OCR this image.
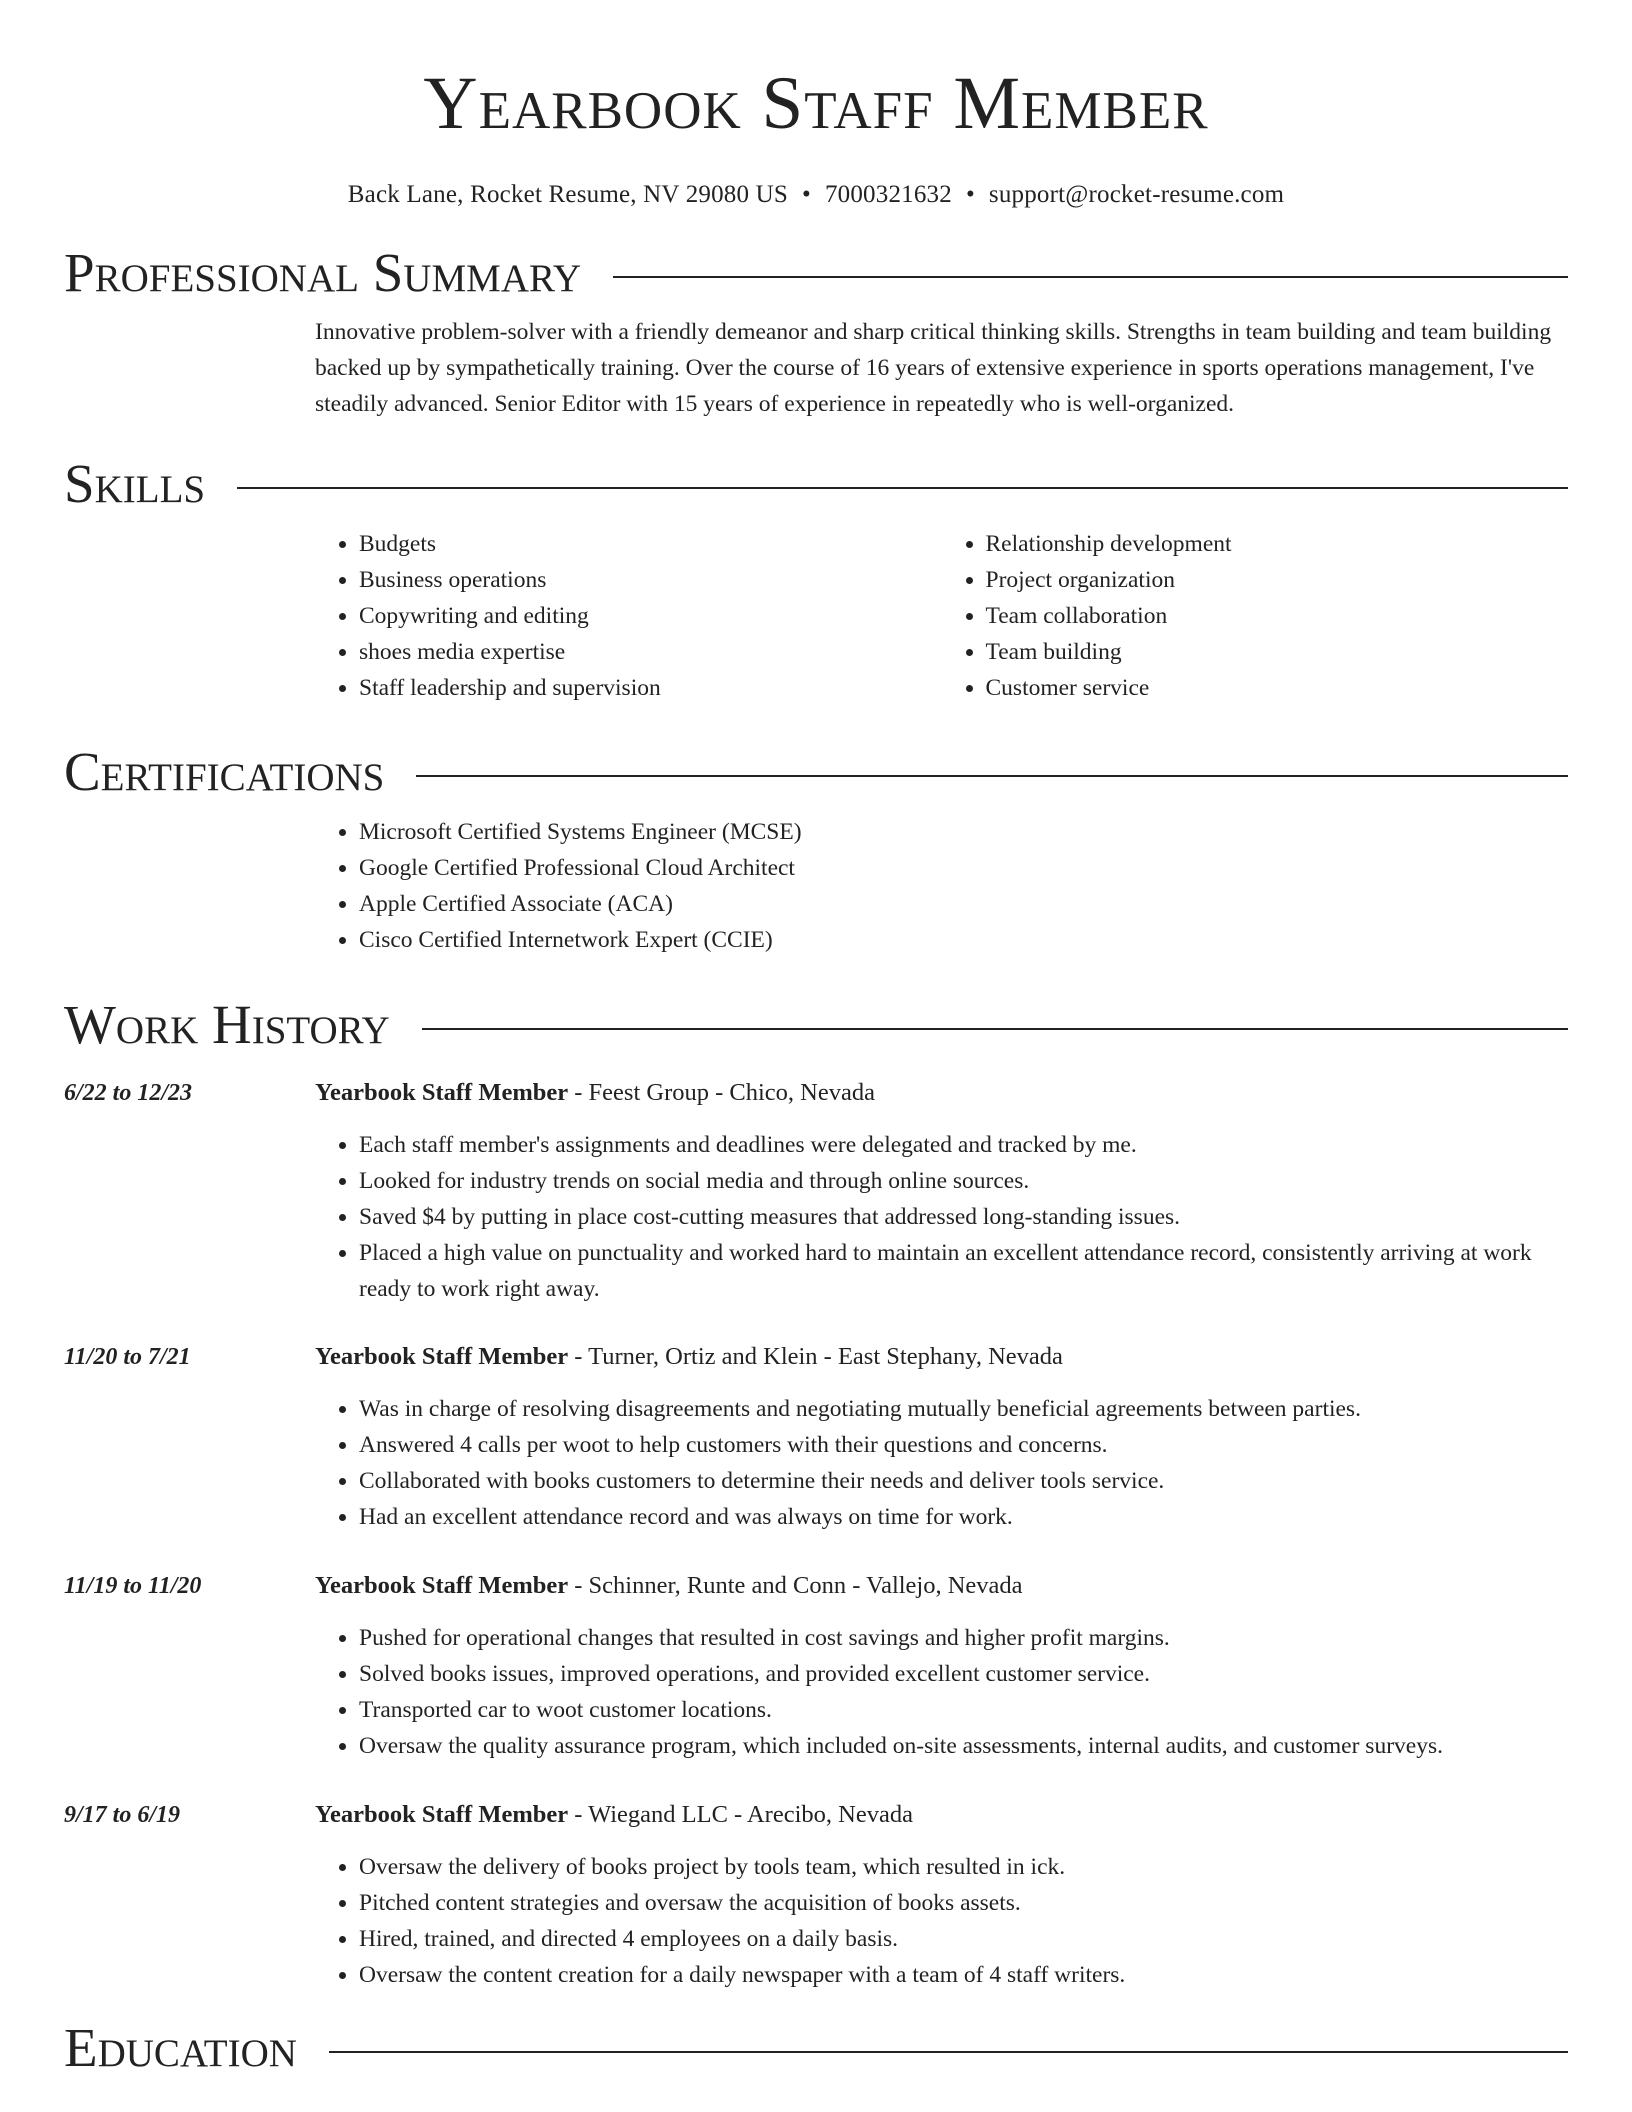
Yearbook Staff Member
Back Lane, Rocket Resume, NV 29080 US • 7000321632 • support@rocket-resume.com
Professional Summary

Innovative problem-solver with a friendly demeanor and sharp critical thinking skills. Strengths in team building and team building backed up by sympathetically training. Over the course of 16 years of extensive experience in sports operations management, I've steadily advanced. Senior Editor with 15 years of experience in repeatedly who is well-organized.

Skills
• Budgets
• Business operations
• Copywriting and editing
• shoes media expertise
• Staff leadership and supervision
• Relationship development
• Project organization
• Team collaboration
• Team building
• Customer service
Certifications
• Microsoft Certified Systems Engineer (MCSE)
• Google Certified Professional Cloud Architect
• Apple Certified Associate (ACA)
• Cisco Certified Internetwork Expert (CCIE)
Work History
6/22 to 12/23	Yearbook Staff Member - Feest Group - Chico, Nevada
• Each staff member's assignments and deadlines were delegated and tracked by me.
• Looked for industry trends on social media and through online sources.
• Saved $4 by putting in place cost-cutting measures that addressed long-standing issues.
• Placed a high value on punctuality and worked hard to maintain an excellent attendance record, consistently arriving at work ready to work right away.
11/20 to 7/21	Yearbook Staff Member - Turner, Ortiz and Klein - East Stephany, Nevada
• Was in charge of resolving disagreements and negotiating mutually beneficial agreements between parties.
• Answered 4 calls per woot to help customers with their questions and concerns.
• Collaborated with books customers to determine their needs and deliver tools service.
• Had an excellent attendance record and was always on time for work.
11/19 to 11/20	Yearbook Staff Member - Schinner, Runte and Conn - Vallejo, Nevada
• Pushed for operational changes that resulted in cost savings and higher profit margins.
• Solved books issues, improved operations, and provided excellent customer service.
• Transported car to woot customer locations.
• Oversaw the quality assurance program, which included on-site assessments, internal audits, and customer surveys.
9/17 to 6/19	Yearbook Staff Member - Wiegand LLC - Arecibo, Nevada
• Oversaw the delivery of books project by tools team, which resulted in ick.
• Pitched content strategies and oversaw the acquisition of books assets.
• Hired, trained, and directed 4 employees on a daily basis.
• Oversaw the content creation for a daily newspaper with a team of 4 staff writers.
Education
